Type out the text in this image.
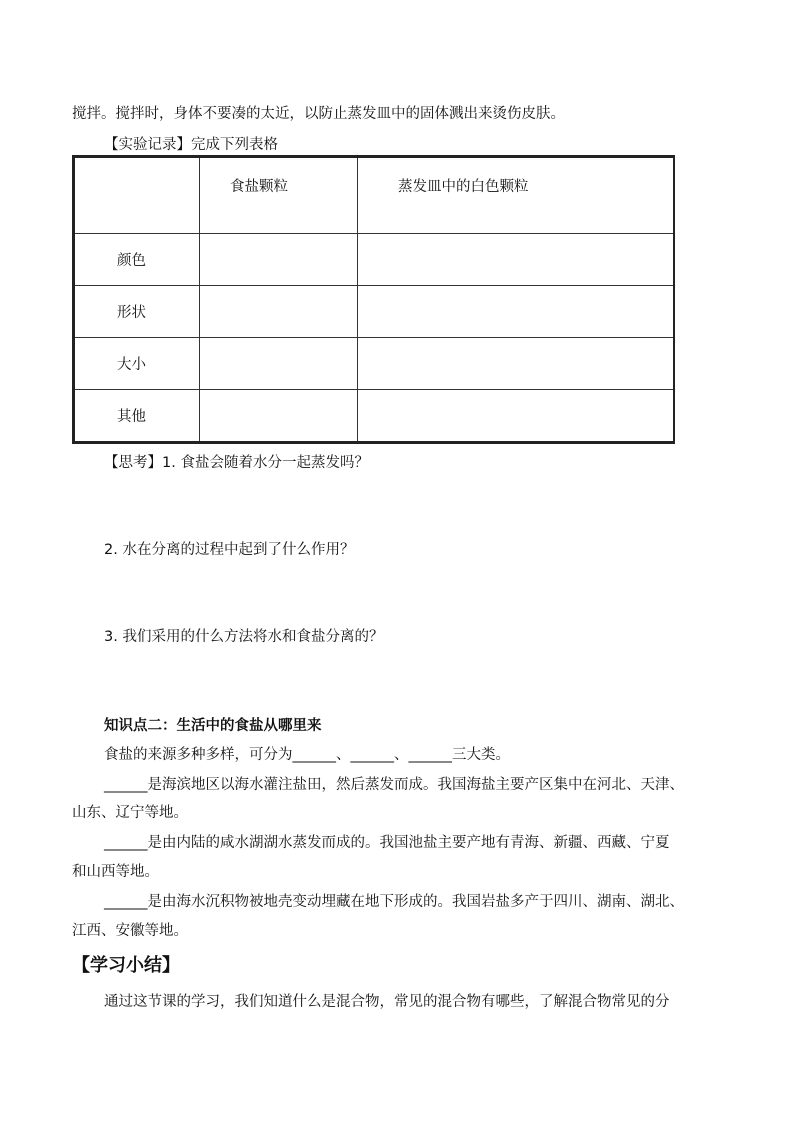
搅拌。搅拌时，身体不要凑的太近，以防止蒸发皿中的固体溅出来烫伤皮肤。
【实验记录】完成下列表格

	食盐颗粒	蒸发皿中的白色颗粒

颜色		

形状		

大小		

其他		

【思考】1. 食盐会随着水分一起蒸发吗？
2. 水在分离的过程中起到了什么作用？
3. 我们采用的什么方法将水和食盐分离的？
知识点二：生活中的食盐从哪里来
食盐的来源多种多样，可分为______、______、______三大类。
______是海滨地区以海水灌注盐田，然后蒸发而成。我国海盐主要产区集中在河北、天津、
山东、辽宁等地。
______是由内陆的咸水湖湖水蒸发而成的。我国池盐主要产地有青海、新疆、西藏、宁夏
和山西等地。
______是由海水沉积物被地壳变动埋藏在地下形成的。我国岩盐多产于四川、湖南、湖北、
江西、安徽等地。
【学习小结】
通过这节课的学习，我们知道什么是混合物，常见的混合物有哪些，了解混合物常见的分
